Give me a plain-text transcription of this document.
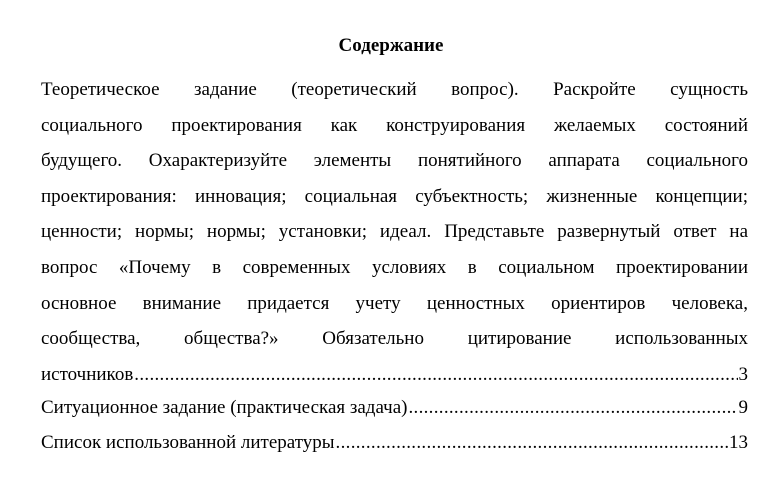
Содержание
Теоретическое задание (теоретический вопрос). Раскройте сущность
социального проектирования как конструирования желаемых состояний
будущего. Охарактеризуйте элементы понятийного аппарата социального
проектирования: инновация; социальная субъектность; жизненные концепции;
ценности; нормы; нормы; установки; идеал. Представьте развернутый ответ на
вопрос «Почему в современных условиях в социальном проектировании
основное внимание придается учету ценностных ориентиров человека,
сообщества, общества?» Обязательно цитирование использованных
источников .....	3
Ситуационное задание (практическая задача) .....	9
Список использованной литературы .....	13
